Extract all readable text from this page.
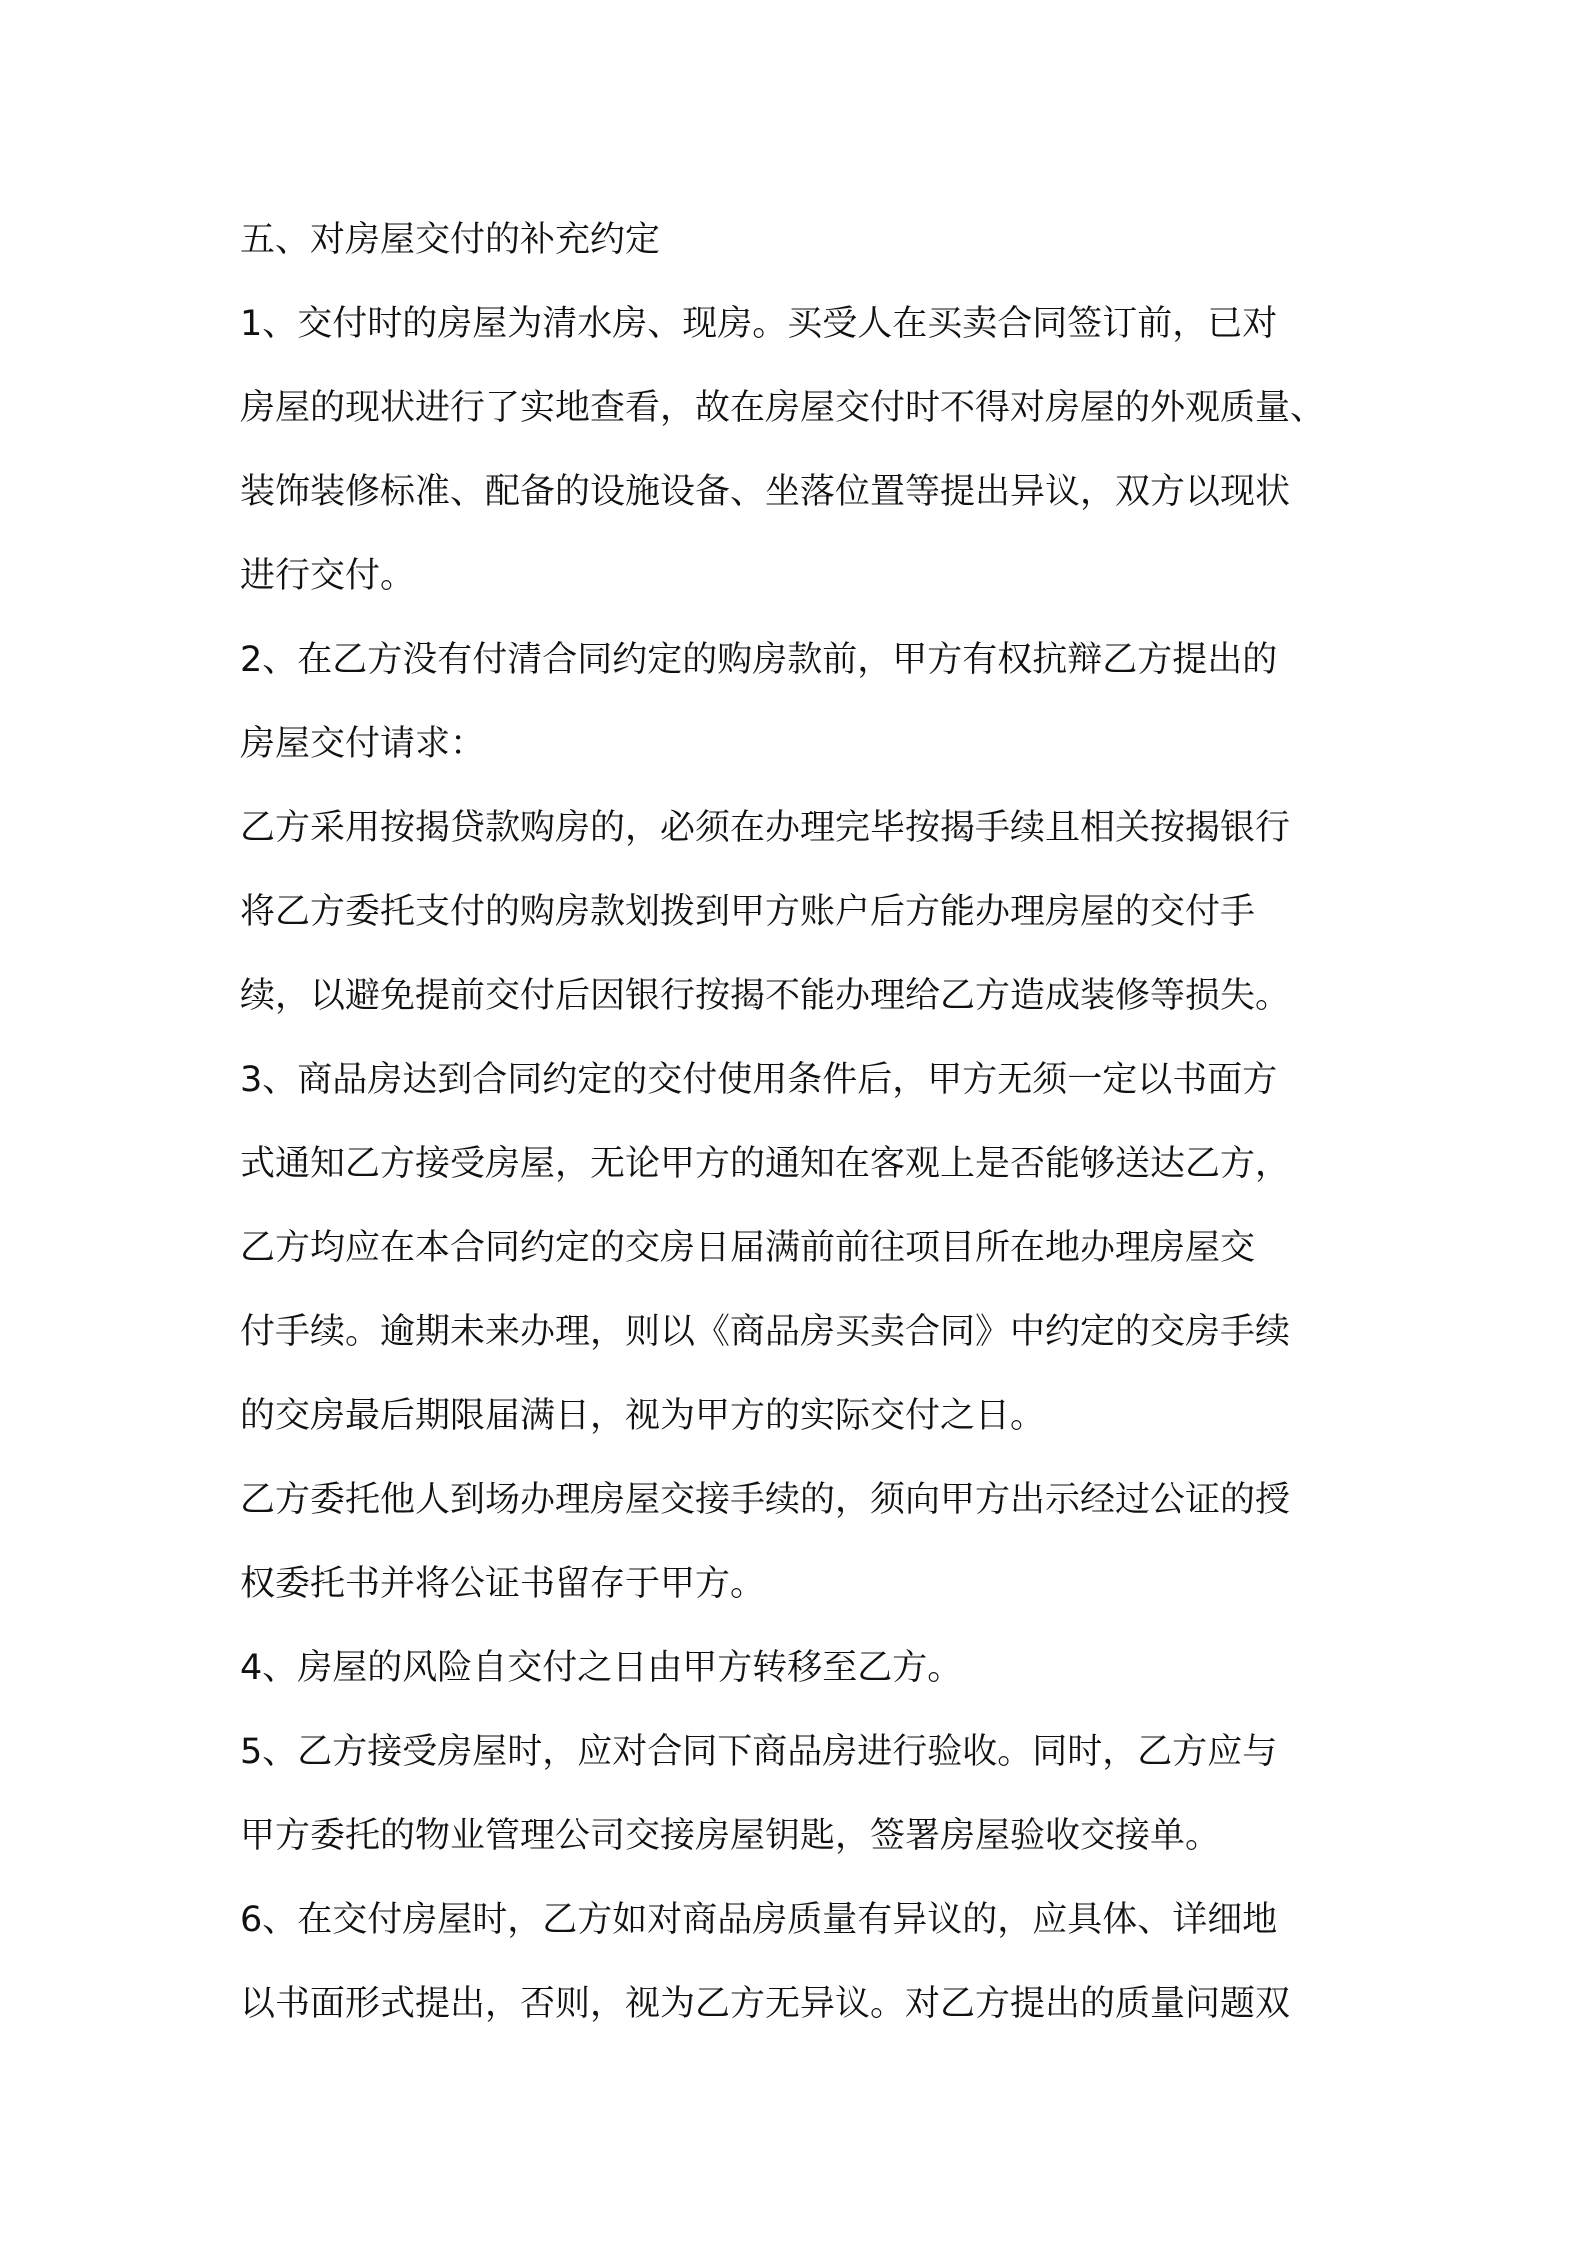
五、对房屋交付的补充约定
1、交付时的房屋为清水房、现房。买受人在买卖合同签订前，已对
房屋的现状进行了实地查看，故在房屋交付时不得对房屋的外观质量、
装饰装修标准、配备的设施设备、坐落位置等提出异议，双方以现状
进行交付。
2、在乙方没有付清合同约定的购房款前，甲方有权抗辩乙方提出的
房屋交付请求：
乙方采用按揭贷款购房的，必须在办理完毕按揭手续且相关按揭银行
将乙方委托支付的购房款划拨到甲方账户后方能办理房屋的交付手
续，以避免提前交付后因银行按揭不能办理给乙方造成装修等损失。
3、商品房达到合同约定的交付使用条件后，甲方无须一定以书面方
式通知乙方接受房屋，无论甲方的通知在客观上是否能够送达乙方，
乙方均应在本合同约定的交房日届满前前往项目所在地办理房屋交
付手续。逾期未来办理，则以《商品房买卖合同》中约定的交房手续
的交房最后期限届满日，视为甲方的实际交付之日。
乙方委托他人到场办理房屋交接手续的，须向甲方出示经过公证的授
权委托书并将公证书留存于甲方。
4、房屋的风险自交付之日由甲方转移至乙方。
5、乙方接受房屋时，应对合同下商品房进行验收。同时，乙方应与
甲方委托的物业管理公司交接房屋钥匙，签署房屋验收交接单。
6、在交付房屋时，乙方如对商品房质量有异议的，应具体、详细地
以书面形式提出，否则，视为乙方无异议。对乙方提出的质量问题双
